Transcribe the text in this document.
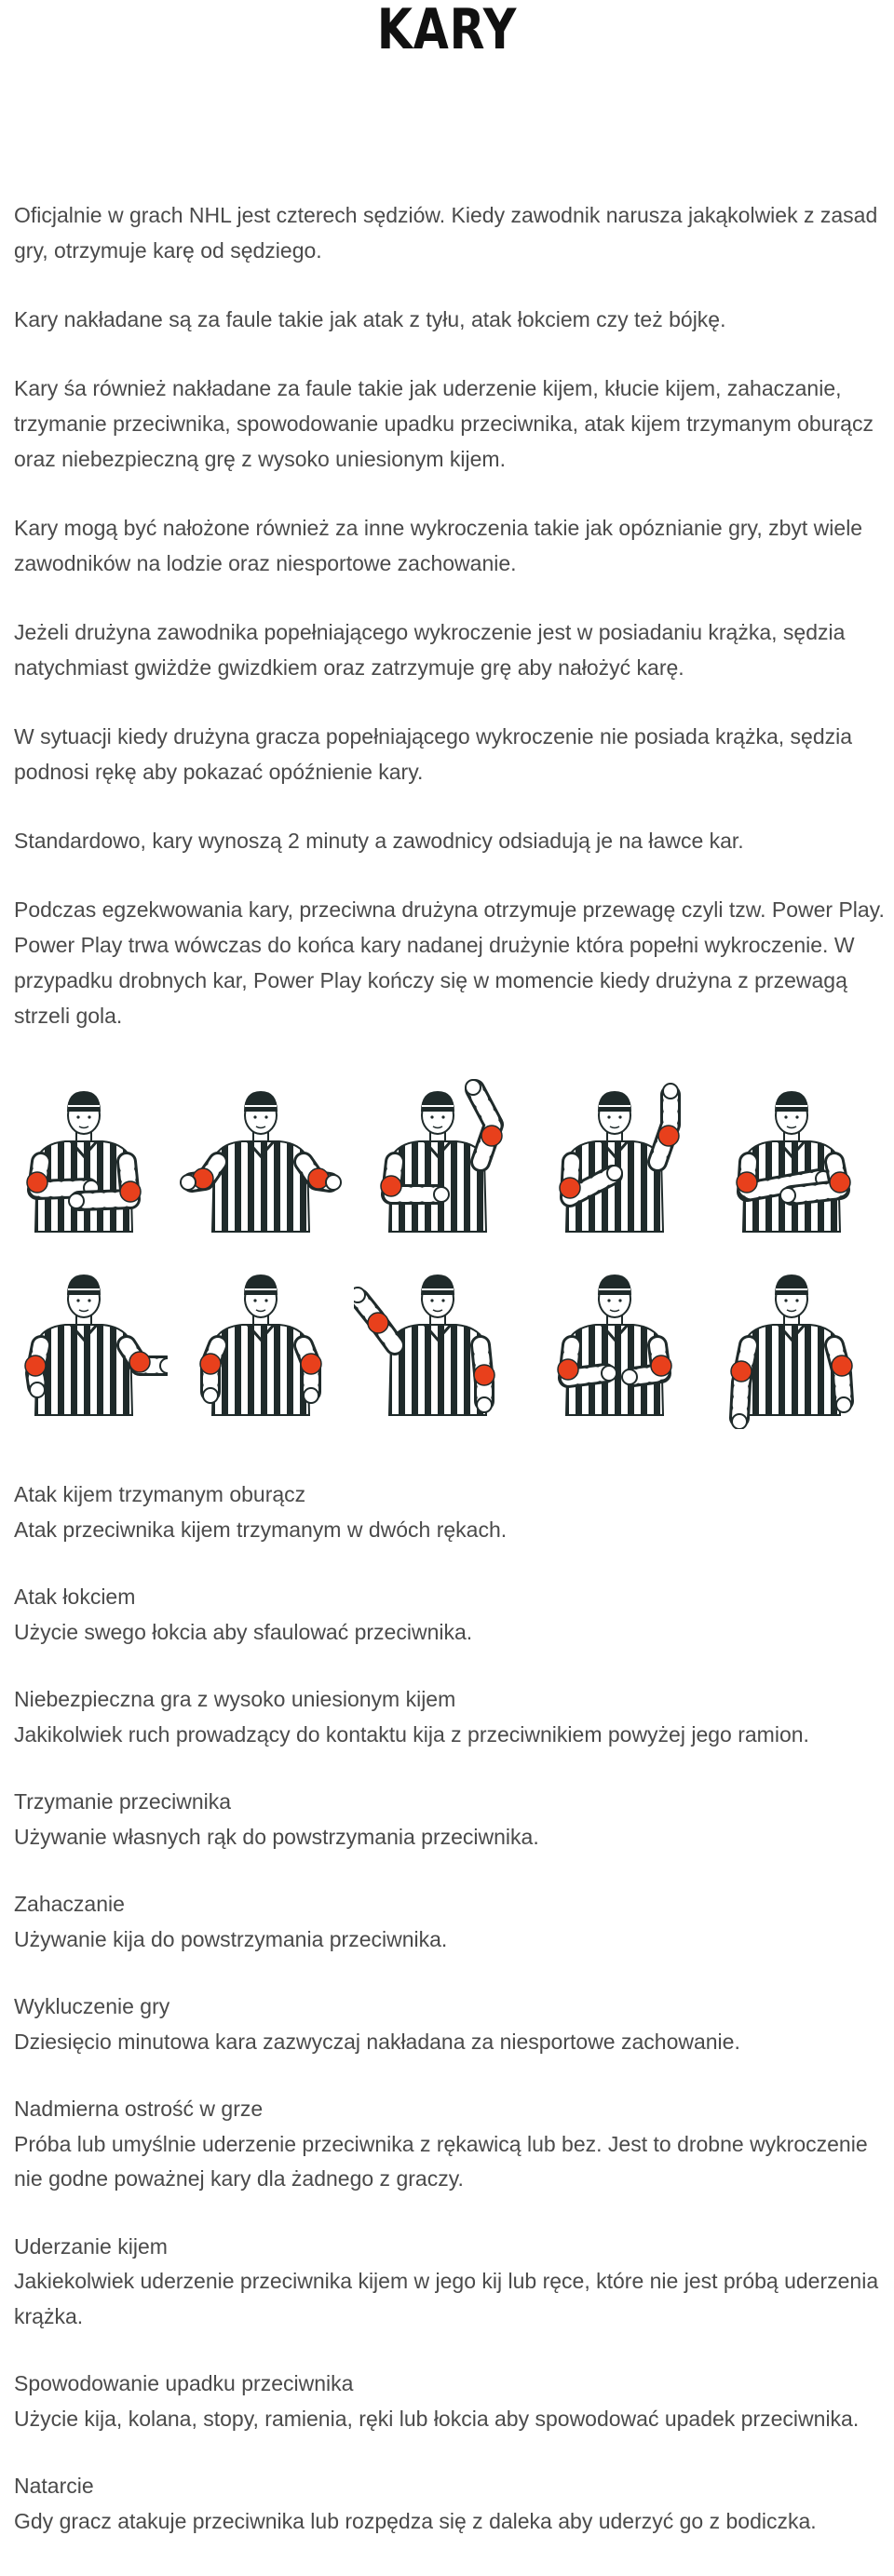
KARY

Oficjalnie w grach NHL jest czterech sędziów. Kiedy zawodnik narusza jakąkolwiek z zasad gry, otrzymuje karę od sędziego.

Kary nakładane są za faule takie jak atak z tyłu, atak łokciem czy też bójkę.

Kary śa również nakładane za faule takie jak uderzenie kijem, kłucie kijem, zahaczanie, trzymanie przeciwnika, spowodowanie upadku przeciwnika, atak kijem trzymanym oburącz oraz niebezpieczną grę z wysoko uniesionym kijem.

Kary mogą być nałożone również za inne wykroczenia takie jak opóznianie gry, zbyt wiele zawodników na lodzie oraz niesportowe zachowanie.

Jeżeli drużyna zawodnika popełniającego wykroczenie jest w posiadaniu krążka, sędzia natychmiast gwiżdże gwizdkiem oraz zatrzymuje grę aby nałożyć karę.

W sytuacji kiedy drużyna gracza popełniającego wykroczenie nie posiada krążka, sędzia podnosi rękę aby pokazać opóźnienie kary.

Standardowo, kary wynoszą 2 minuty a zawodnicy odsiadują je na ławce kar.

Podczas egzekwowania kary, przeciwna drużyna otrzymuje przewagę czyli tzw. Power Play. Power Play trwa wówczas do końca kary nadanej drużynie która popełni wykroczenie. W przypadku drobnych kar, Power Play kończy się w momencie kiedy drużyna z przewagą strzeli gola.

Atak kijem trzymanym oburącz
Atak przeciwnika kijem trzymanym w dwóch rękach.
Atak łokciem
Użycie swego łokcia aby sfaulować przeciwnika.
Niebezpieczna gra z wysoko uniesionym kijem
Jakikolwiek ruch prowadzący do kontaktu kija z przeciwnikiem powyżej jego ramion.
Trzymanie przeciwnika
Używanie własnych rąk do powstrzymania przeciwnika.
Zahaczanie
Używanie kija do powstrzymania przeciwnika.
Wykluczenie gry
Dziesięcio minutowa kara zazwyczaj nakładana za niesportowe zachowanie.
Nadmierna ostrość w grze
Próba lub umyślnie uderzenie przeciwnika z rękawicą lub bez. Jest to drobne wykroczenie nie godne poważnej kary dla żadnego z graczy.
Uderzanie kijem
Jakiekolwiek uderzenie przeciwnika kijem w jego kij lub ręce, które nie jest próbą uderzenia krążka.
Spowodowanie upadku przeciwnika
Użycie kija, kolana, stopy, ramienia, ręki lub łokcia aby spowodować upadek przeciwnika.
Natarcie
Gdy gracz atakuje przeciwnika lub rozpędza się z daleka aby uderzyć go z bodiczka.
